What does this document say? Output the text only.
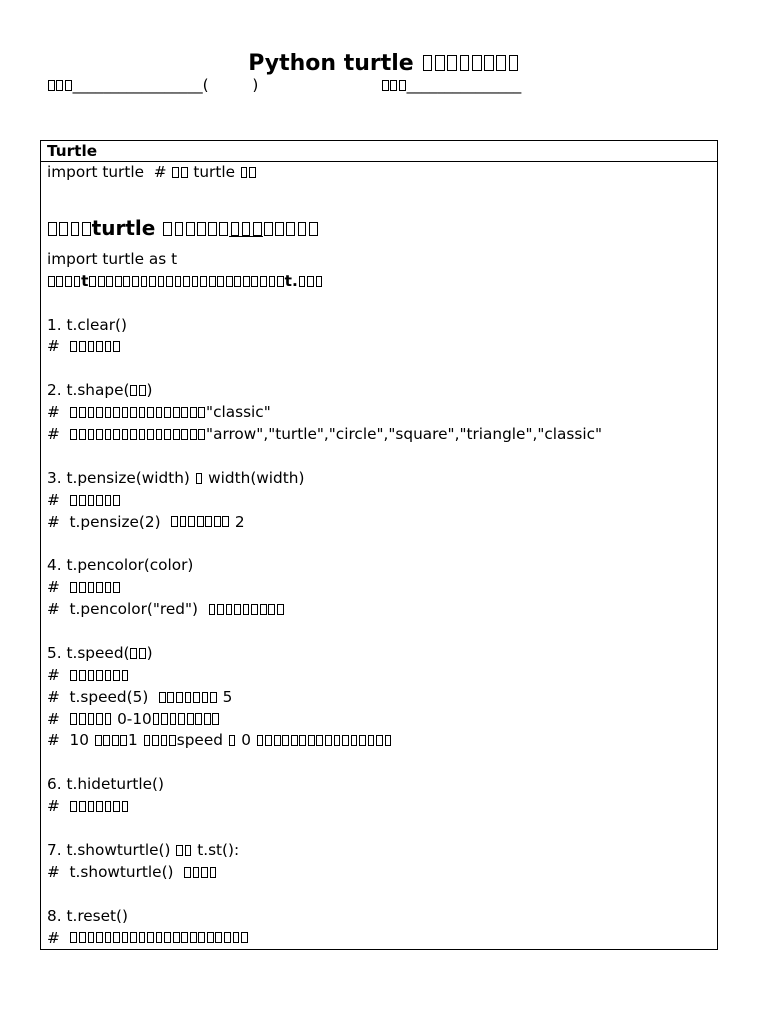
Python turtle
_________________(         )	_______________
Turtle
import turtle  #  turtle
turtle
import turtle as t
t	t.
1. t.clear()
#
2. t.shape( )
#	"classic"
#	"arrow","turtle","circle","square","triangle","classic"
3. t.pensize(width)  width(width)
#
#  t.pensize(2)	2
4. t.pencolor(color)
#
#  t.pencolor("red")
5. t.speed( )
#
#  t.speed(5)	5
#	0-10
#  10 1 speed  0
6. t.hideturtle()
#
7. t.showturtle()  t.st():
#  t.showturtle()
8. t.reset()
#
